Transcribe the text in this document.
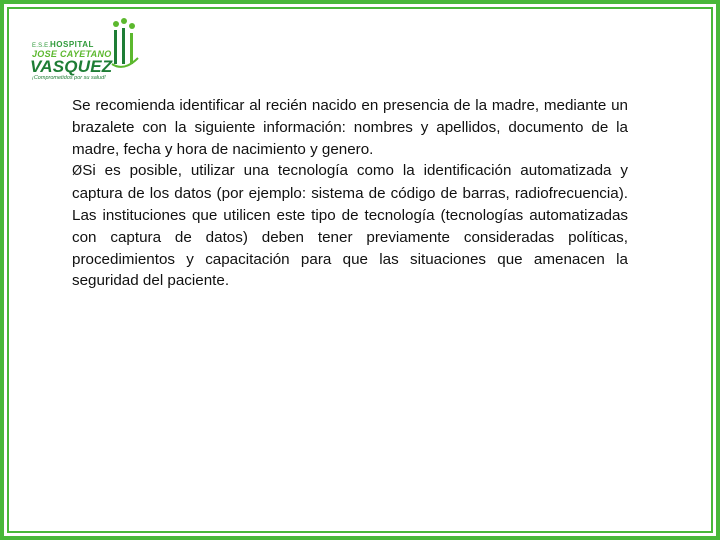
E.S.E. HOSPITAL
JOSE CAYETANO
VASQUEZ
¡Comprometidos por su salud!

Se recomienda identificar al recién nacido en presencia de la madre, mediante un brazalete con la siguiente información: nombres y apellidos, documento de la madre, fecha y hora de nacimiento y genero.

ØSi es posible, utilizar una tecnología como la identificación automatizada y captura de los datos (por ejemplo: sistema de código de barras, radiofrecuencia). Las instituciones que utilicen este tipo de tecnología (tecnologías automatizadas con captura de datos) deben tener previamente consideradas políticas, procedimientos y capacitación para que las situaciones que amenacen la seguridad del paciente.
